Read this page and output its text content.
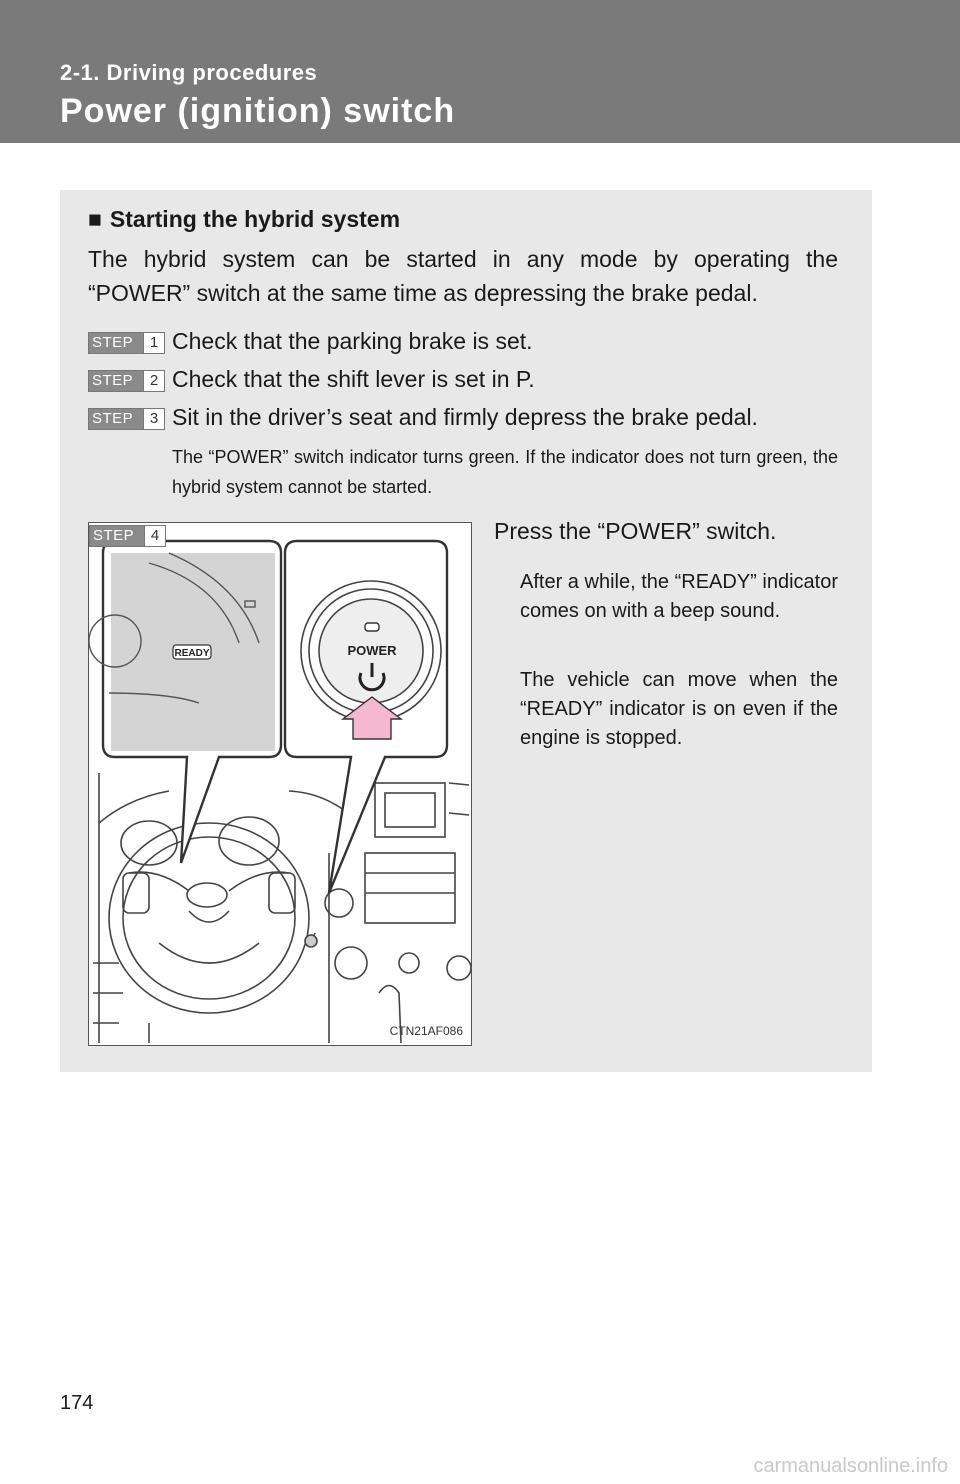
2-1. Driving procedures
Power (ignition) switch
■ Starting the hybrid system
The hybrid system can be started in any mode by operating the “POWER” switch at the same time as depressing the brake pedal.
STEP	1 Check that the parking brake is set.
STEP	2 Check that the shift lever is set in P.
STEP	3 Sit in the driver’s seat and firmly depress the brake pedal.
The “POWER” switch indicator turns green. If the indicator does not turn green, the hybrid system cannot be started.
READY	POWER
CTN21AF086
STEP	4	Press the “POWER” switch.
After a while, the “READY” indicator comes on with a beep sound.
The vehicle can move when the “READY” indicator is on even if the engine is stopped.
174
carmanualsonline.info
